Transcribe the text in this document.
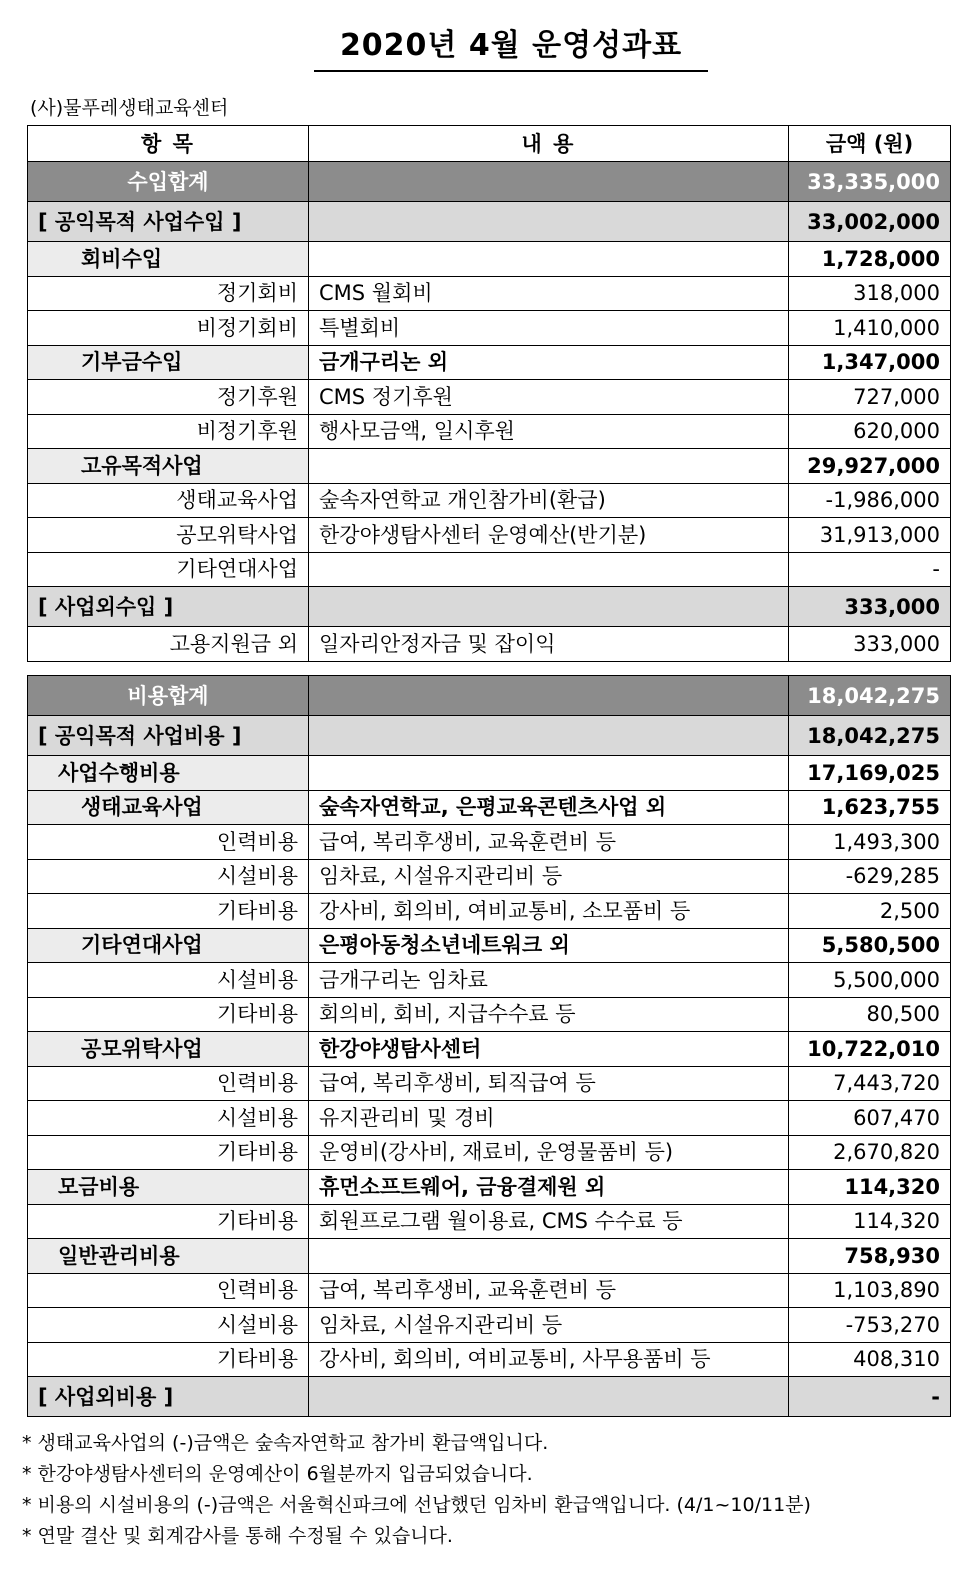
2020년 4월 운영성과표
(사)물푸레생태교육센터
항 목	내 용	금액 (원)
수입합계		33,335,000
[ 공익목적 사업수입 ]		33,002,000
회비수입		1,728,000
정기회비	CMS 월회비	318,000
비정기회비	특별회비	1,410,000
기부금수입	금개구리논 외	1,347,000
정기후원	CMS 정기후원	727,000
비정기후원	행사모금액, 일시후원	620,000
고유목적사업		29,927,000
생태교육사업	숲속자연학교 개인참가비(환급)	-1,986,000
공모위탁사업	한강야생탐사센터 운영예산(반기분)	31,913,000
기타연대사업		-
[ 사업외수입 ]		333,000
고용지원금 외	일자리안정자금 및 잡이익	333,000
비용합계		18,042,275
[ 공익목적 사업비용 ]		18,042,275
사업수행비용		17,169,025
생태교육사업	숲속자연학교, 은평교육콘텐츠사업 외	1,623,755
인력비용	급여, 복리후생비, 교육훈련비 등	1,493,300
시설비용	임차료, 시설유지관리비 등	-629,285
기타비용	강사비, 회의비, 여비교통비, 소모품비 등	2,500
기타연대사업	은평아동청소년네트워크 외	5,580,500
시설비용	금개구리논 임차료	5,500,000
기타비용	회의비, 회비, 지급수수료 등	80,500
공모위탁사업	한강야생탐사센터	10,722,010
인력비용	급여, 복리후생비, 퇴직급여 등	7,443,720
시설비용	유지관리비 및 경비	607,470
기타비용	운영비(강사비, 재료비, 운영물품비 등)	2,670,820
모금비용	휴먼소프트웨어, 금융결제원 외	114,320
기타비용	회원프로그램 월이용료, CMS 수수료 등	114,320
일반관리비용		758,930
인력비용	급여, 복리후생비, 교육훈련비 등	1,103,890
시설비용	임차료, 시설유지관리비 등	-753,270
기타비용	강사비, 회의비, 여비교통비, 사무용품비 등	408,310
[ 사업외비용 ]		-
* 생태교육사업의 (-)금액은 숲속자연학교 참가비 환급액입니다.
* 한강야생탐사센터의 운영예산이 6월분까지 입금되었습니다.
* 비용의 시설비용의 (-)금액은 서울혁신파크에 선납했던 임차비 환급액입니다. (4/1~10/11분)
* 연말 결산 및 회계감사를 통해 수정될 수 있습니다.
